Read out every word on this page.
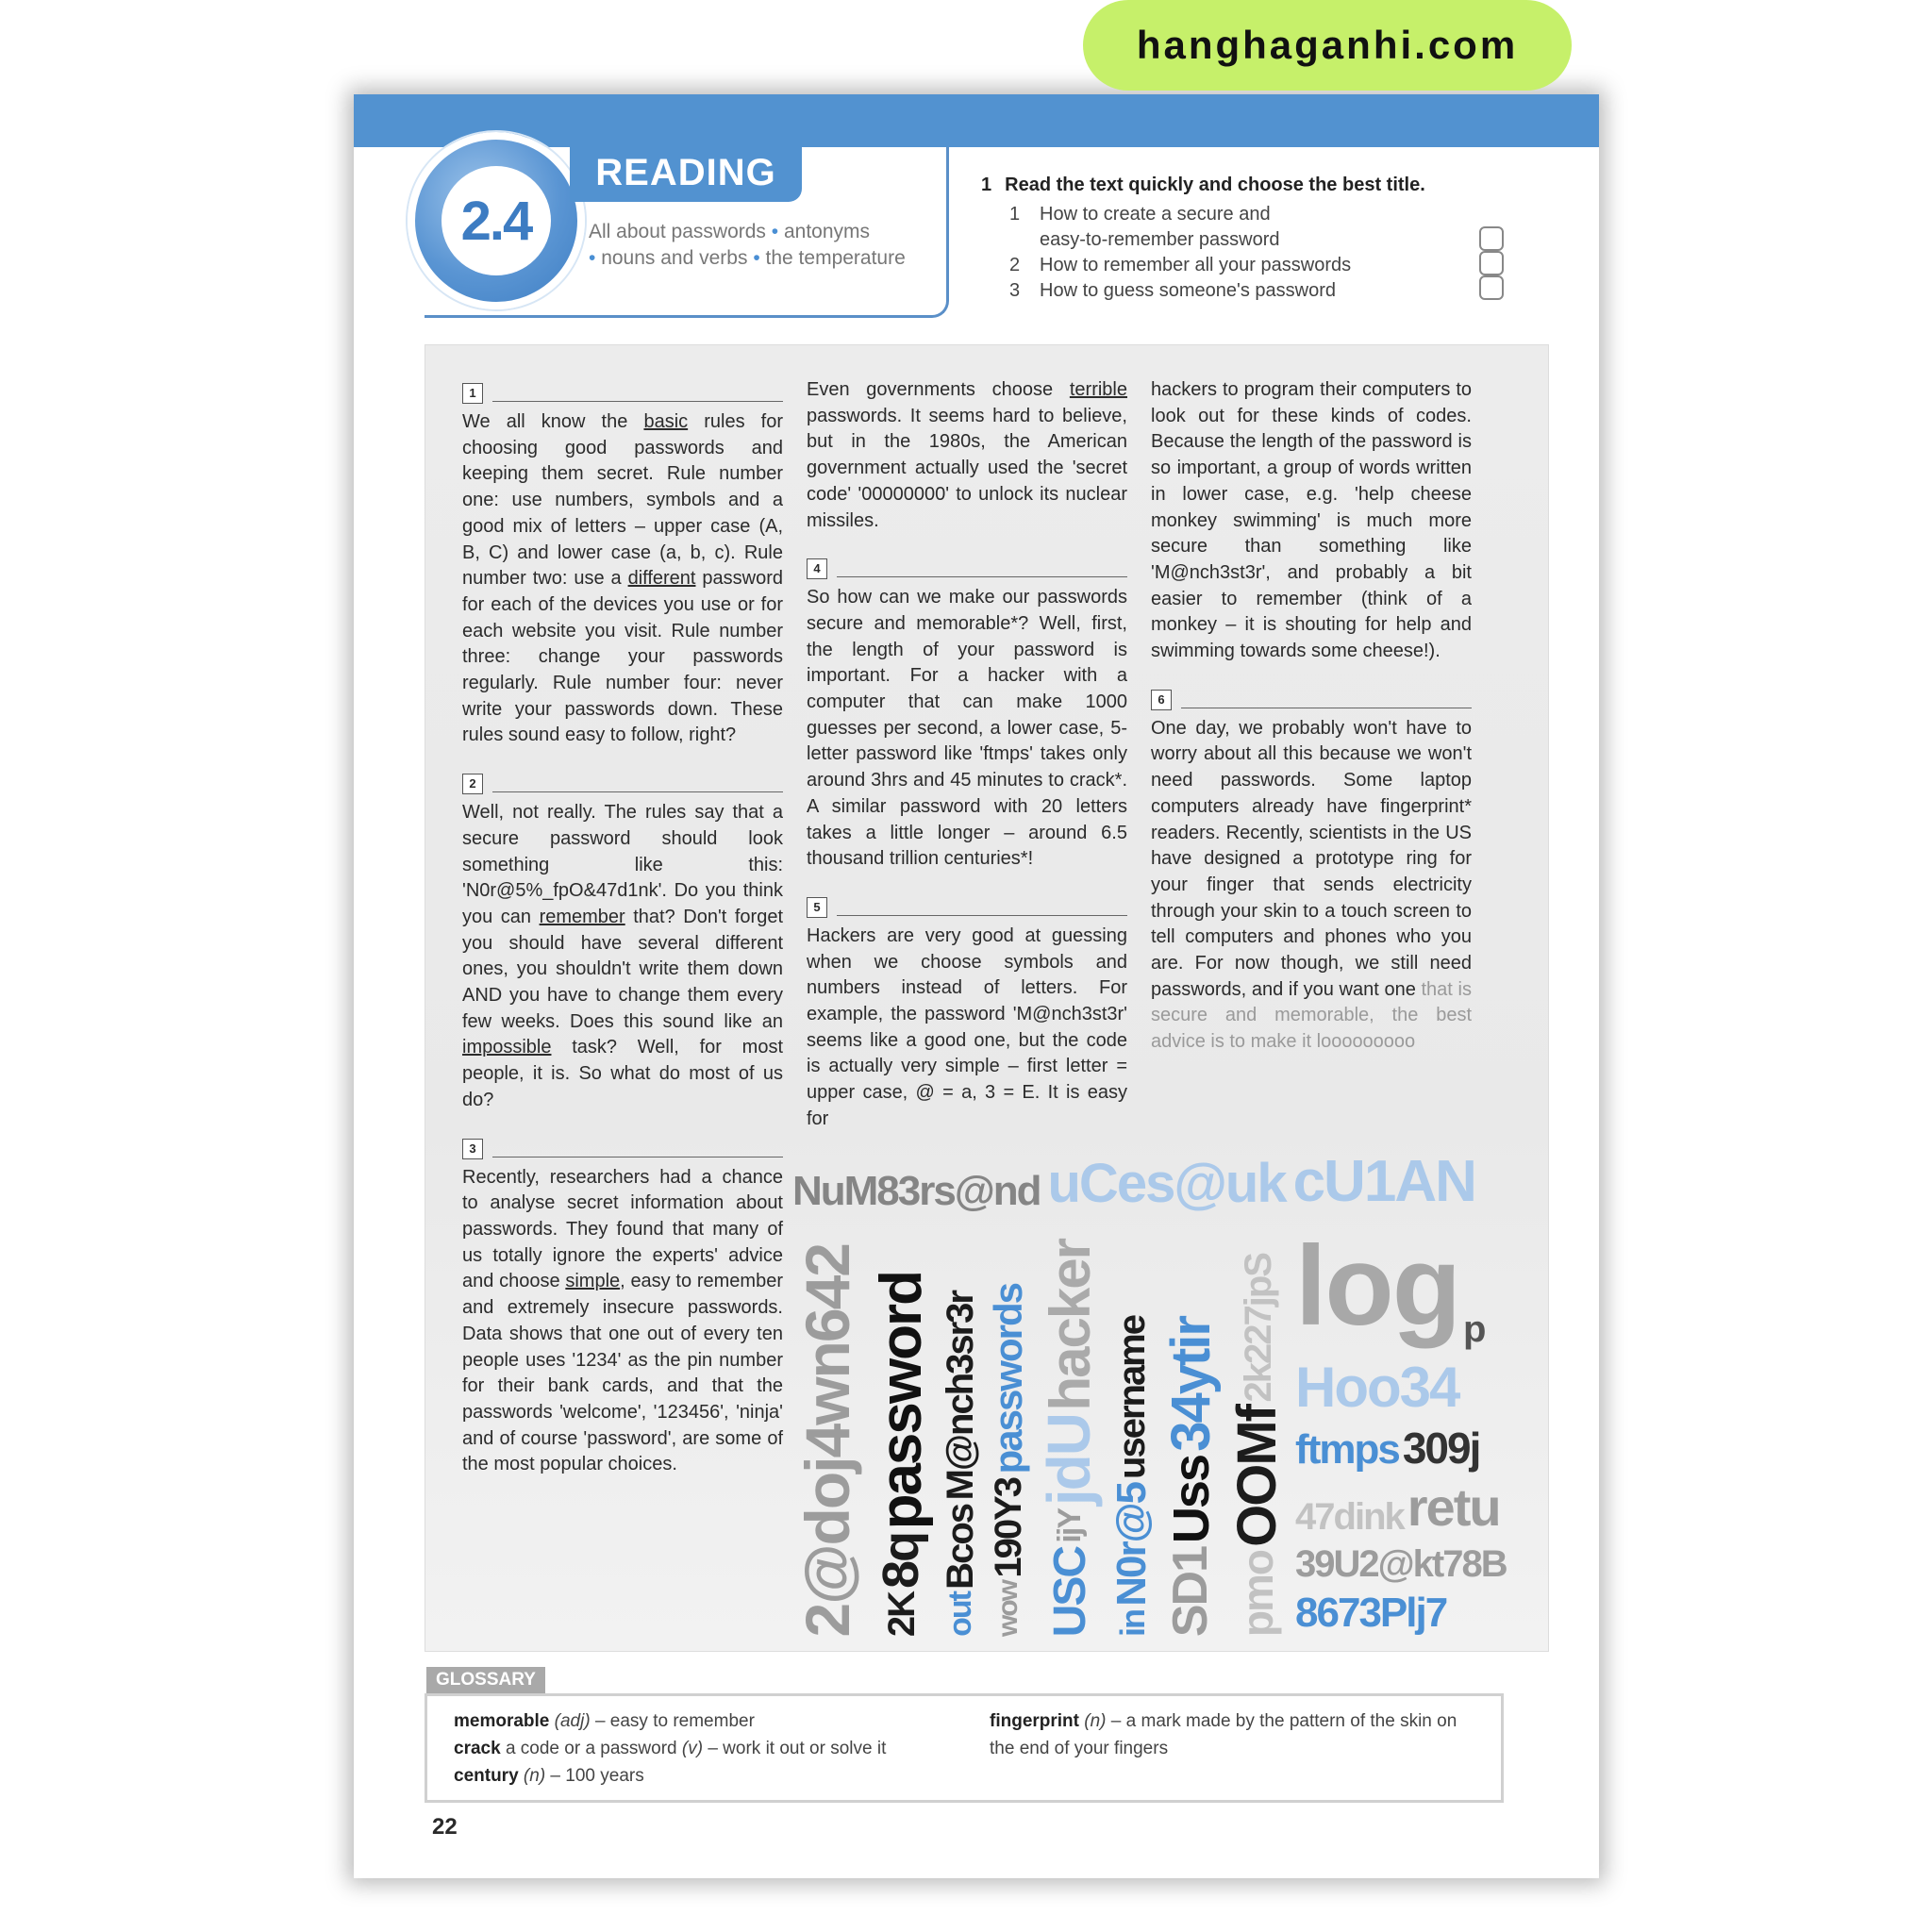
2.4
READING
All about passwords • antonyms
• nouns and verbs • the temperature
1 Read the text quickly and choose the best title.
1	How to create a secure and easy-to-remember password
2	How to remember all your passwords
3	How to guess someone's password
1

We all know the basic rules for choosing good passwords and keeping them secret. Rule number one: use numbers, symbols and a good mix of letters – upper case (A, B, C) and lower case (a, b, c). Rule number two: use a different password for each of the devices you use or for each website you visit. Rule number three: change your passwords regularly. Rule number four: never write your passwords down. These rules sound easy to follow, right?

2

Well, not really. The rules say that a secure password should look something like this: 'N0r@5%_fpO&47d1nk'. Do you think you can remember that? Don't forget you should have several different ones, you shouldn't write them down AND you have to change them every few weeks. Does this sound like an impossible task? Well, for most people, it is. So what do most of us do?

3

Recently, researchers had a chance to analyse secret information about passwords. They found that many of us totally ignore the experts' advice and choose simple, easy to remember and extremely insecure passwords. Data shows that one out of every ten people uses '1234' as the pin number for their bank cards, and that the passwords 'welcome', '123456', 'ninja' and of course 'password', are some of the most popular choices.

Even governments choose terrible passwords. It seems hard to believe, but in the 1980s, the American government actually used the 'secret code' '00000000' to unlock its nuclear missiles.

4

So how can we make our passwords secure and memorable*? Well, first, the length of your password is important. For a hacker with a computer that can make 1000 guesses per second, a lower case, 5-letter password like 'ftmps' takes only around 3hrs and 45 minutes to crack*. A similar password with 20 letters takes a little longer – around 6.5 thousand trillion centuries*!

5

Hackers are very good at guessing when we choose symbols and numbers instead of letters. For example, the password 'M@nch3st3r' seems like a good one, but the code is actually very simple – first letter = upper case, @ = a, 3 = E. It is easy for

hackers to program their computers to look out for these kinds of codes. Because the length of the password is so important, a group of words written in lower case, e.g. 'help cheese monkey swimming' is much more secure than something like 'M@nch3st3r', and probably a bit easier to remember (think of a monkey – it is shouting for help and swimming towards some cheese!).

6

One day, we probably won't have to worry about all this because we won't need passwords. Some laptop computers already have fingerprint* readers. Recently, scientists in the US have designed a prototype ring for your finger that sends electricity through your skin to a touch screen to tell computers and phones who you are. For now though, we still need passwords, and if you want one that is secure and memorable, the best advice is to make it looooooooo

NuM83rs@nd uCes@uk cU1AN
2@doj4wn642 password
8q
2K
M@nch3sr3r
Bcos
out
passwords
190Y3
wow
hacker
jdU
ijY
USC
username
N0r@5
in
34ytir
Uss
SD1
2k227jpS
OOMf
pmo
log p
Hoo34
ftmps 309j
47dink retu
39U2@kt78B
8673Plj7
hanghaganhi.com
GLOSSARY
memorable (adj) – easy to remember
crack a code or a password (v) – work it out or solve it
century (n) – 100 years
fingerprint (n) – a mark made by the pattern of the skin on the end of your fingers
22
